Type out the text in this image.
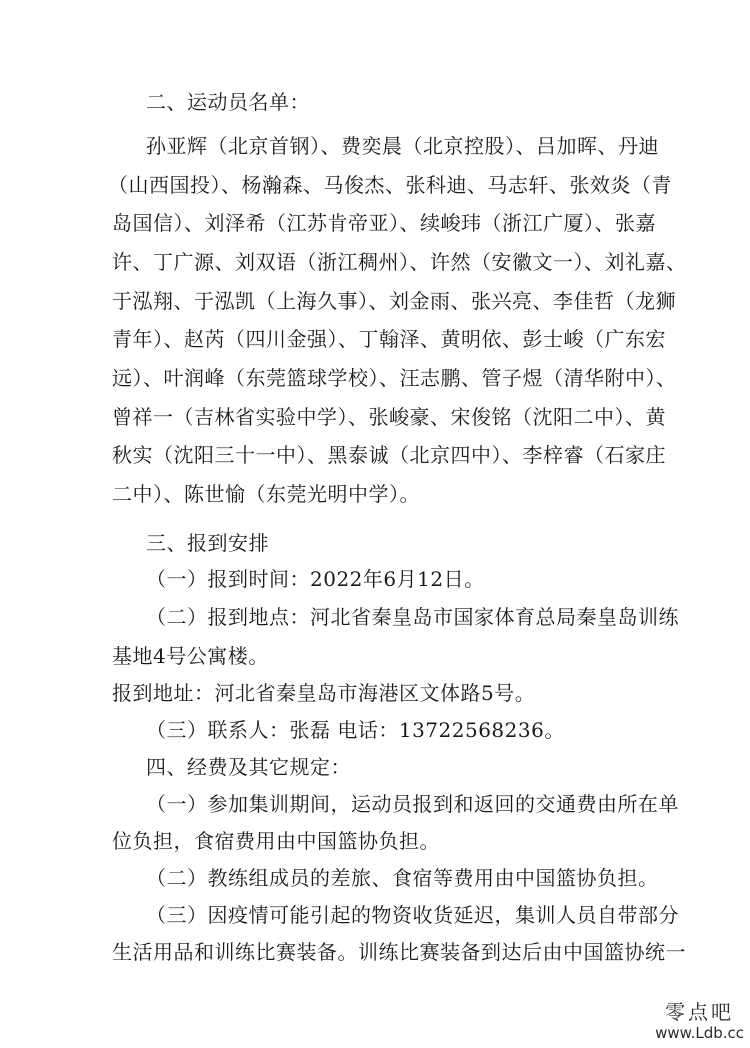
二、运动员名单：
孙亚辉（北京首钢）、费奕晨（北京控股）、吕加晖、丹迪
（山西国投）、杨瀚森、马俊杰、张科迪、马志轩、张效炎（青
岛国信）、刘泽希（江苏肯帝亚）、续峻玮（浙江广厦）、张嘉
许、丁广源、刘双语（浙江稠州）、许然（安徽文一）、刘礼嘉、
于泓翔、于泓凯（上海久事）、刘金雨、张兴亮、李佳哲（龙狮
青年）、赵芮（四川金强）、丁翰泽、黄明依、彭士峻（广东宏
远）、叶润峰（东莞篮球学校）、汪志鹏、管子煜（清华附中）、
曾祥一（吉林省实验中学）、张峻豪、宋俊铭（沈阳二中）、黄
秋实（沈阳三十一中）、黑泰诚（北京四中）、李梓睿（石家庄
二中）、陈世愉（东莞光明中学）。
三、报到安排
（一）报到时间：2022年6月12日。
（二）报到地点：河北省秦皇岛市国家体育总局秦皇岛训练
基地4号公寓楼。
报到地址：河北省秦皇岛市海港区文体路5号。
（三）联系人：张磊 电话：13722568236。
四、经费及其它规定：
（一）参加集训期间，运动员报到和返回的交通费由所在单
位负担，食宿费用由中国篮协负担。
（二）教练组成员的差旅、食宿等费用由中国篮协负担。
（三）因疫情可能引起的物资收货延迟，集训人员自带部分
生活用品和训练比赛装备。训练比赛装备到达后由中国篮协统一
零点吧
www.Ldb.cc
